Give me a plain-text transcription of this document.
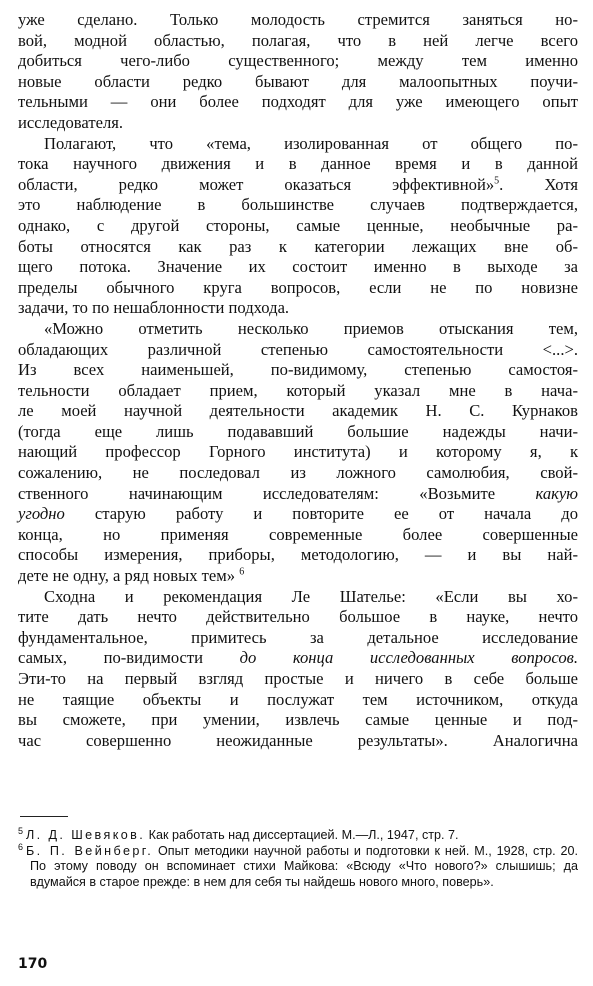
уже сделано. Только молодость стремится заняться но-
вой, модной областью, полагая, что в ней легче всего
добиться чего-либо существенного; между тем именно
новые области редко бывают для малоопытных поучи-
тельными — они более подходят для уже имеющего опыт
исследователя.

Полагают, что «тема, изолированная от общего по-
тока научного движения и в данное время и в данной
области, редко может оказаться эффективной»$^5$. Хотя
это наблюдение в большинстве случаев подтверждается,
однако, с другой стороны, самые ценные, необычные ра-
боты относятся как раз к категории лежащих вне об-
щего потока. Значение их состоит именно в выходе за
пределы обычного круга вопросов, если не по новизне
задачи, то по нешаблонности подхода.

«Можно отметить несколько приемов отыскания тем,
обладающих различной степенью самостоятельности <...>.
Из всех наименьшей, по-видимому, степенью самостоя-
тельности обладает прием, который указал мне в нача-
ле моей научной деятельности академик Н. С. Курнаков
(тогда еще лишь подававший большие надежды начи-
нающий профессор Горного института) и которому я, к
сожалению, не последовал из ложного самолюбия, свой-
ственного начинающим исследователям: «Возьмите какую
угодно старую работу и повторите ее от начала до
конца, но применяя современные более совершенные
способы измерения, приборы, методологию, — и вы най-
дете не одну, а ряд новых тем» $^6$

Сходна и рекомендация Ле Шателье: «Если вы хо-
тите дать нечто действительно большое в науке, нечто
фундаментальное, примитесь за детальное исследование
самых, по-видимости до конца исследованных вопросов.
Эти-то на первый взгляд простые и ничего в себе больше
не таящие объекты и послужат тем источником, откуда
вы сможете, при умении, извлечь самые ценные и под-
час совершенно неожиданные результаты». Аналогична

$^5$ Л. Д. Шевяков. Как работать над диссертацией. М.—Л., 1947, стр. 7.

$^6$ Б. П. Вейнберг. Опыт методики научной работы и подготовки к ней. М., 1928, стр. 20. По этому поводу он вспоминает стихи Майкова: «Всюду «Что нового?» слышишь; да вдумайся в старое прежде: в нем для себя ты найдешь нового много, поверь».

170
